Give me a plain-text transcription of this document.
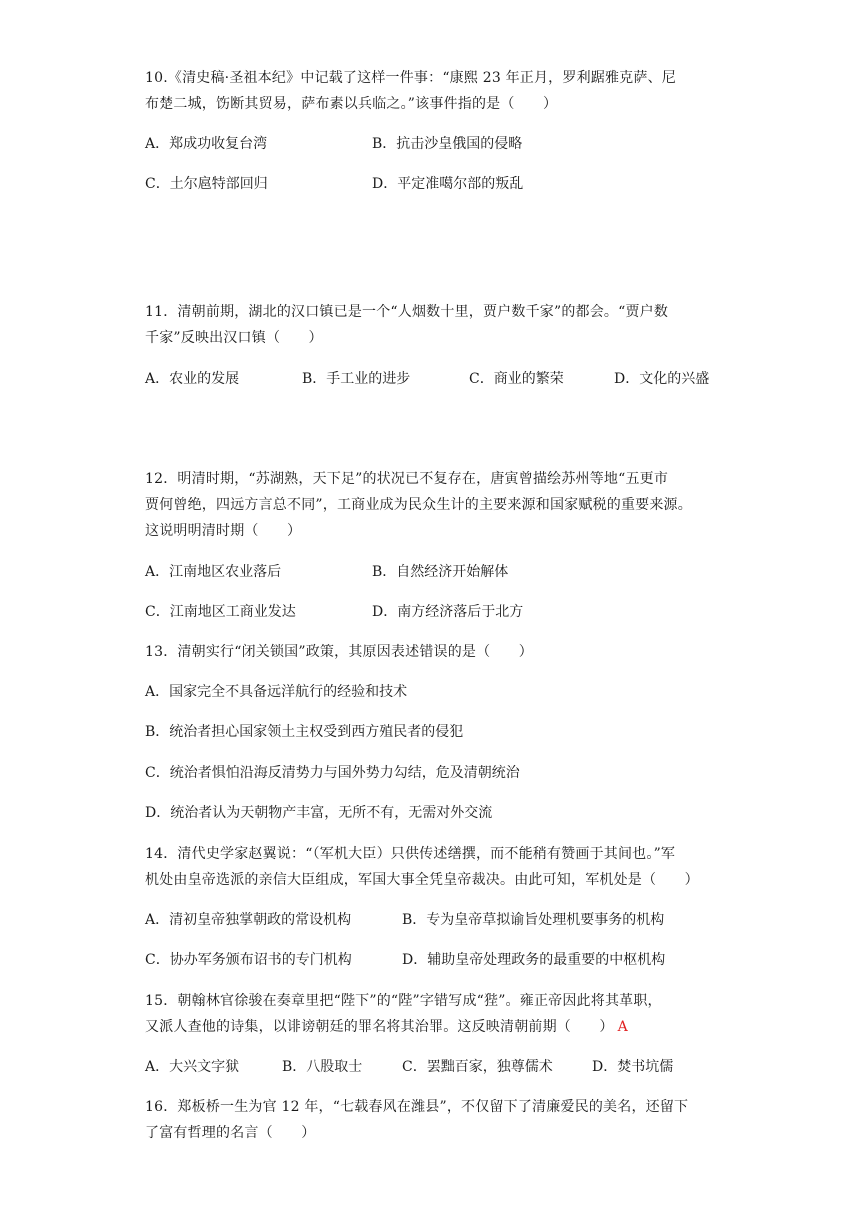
10.《清史稿·圣祖本纪》中记载了这样一件事：“康熙 23 年正月，罗利踞雅克萨、尼
布楚二城，饬断其贸易，萨布素以兵临之。”该事件指的是（　　）
A．郑成功收复台湾	B．抗击沙皇俄国的侵略
C．土尔扈特部回归	D．平定准噶尔部的叛乱
11．清朝前期，湖北的汉口镇已是一个“人烟数十里，贾户数千家”的都会。“贾户数
千家”反映出汉口镇（　　）
A．农业的发展	B．手工业的进步	C．商业的繁荣	D．文化的兴盛
12．明清时期，“苏湖熟，天下足”的状况已不复存在，唐寅曾描绘苏州等地“五更市
贾何曾绝，四远方言总不同”，工商业成为民众生计的主要来源和国家赋税的重要来源。
这说明明清时期（　　）
A．江南地区农业落后	B．自然经济开始解体
C．江南地区工商业发达	D．南方经济落后于北方
13．清朝实行“闭关锁国”政策，其原因表述错误的是（　　）
A．国家完全不具备远洋航行的经验和技术
B．统治者担心国家领土主权受到西方殖民者的侵犯
C．统治者惧怕沿海反清势力与国外势力勾结，危及清朝统治
D．统治者认为天朝物产丰富，无所不有，无需对外交流
14．清代史学家赵翼说：“（军机大臣）只供传述缮撰，而不能稍有赞画于其间也。”军
机处由皇帝选派的亲信大臣组成，军国大事全凭皇帝裁决。由此可知，军机处是（　　）
A．清初皇帝独掌朝政的常设机构	B．专为皇帝草拟谕旨处理机要事务的机构
C．协办军务颁布诏书的专门机构	D．辅助皇帝处理政务的最重要的中枢机构
15．朝翰林官徐骏在奏章里把“陛下”的“陛”字错写成“狴”。雍正帝因此将其革职，
又派人查他的诗集，以诽谤朝廷的罪名将其治罪。这反映清朝前期（　　） A
A．大兴文字狱	B．八股取士	C．罢黜百家，独尊儒术	D．焚书坑儒
16．郑板桥一生为官 12 年，“七载春风在潍县”，不仅留下了清廉爱民的美名，还留下
了富有哲理的名言（　　）
